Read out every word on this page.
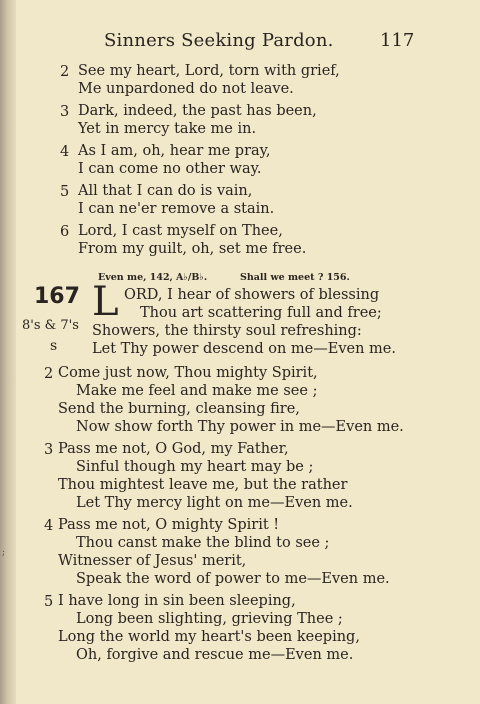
;
Sinners Seeking Pardon.	117
2 See my heart, Lord, torn with grief,
Me unpardoned do not leave.
3 Dark, indeed, the past has been,
Yet in mercy take me in.
4 As I am, oh, hear me pray,
I can come no other way.
5 All that I can do is vain,
I can ne'er remove a stain.
6 Lord, I cast myself on Thee,
From my guilt, oh, set me free.
Even me, 142, A♭/B♭.	Shall we meet ? 156.
167 L
8's & 7's
s
ORD, I hear of showers of blessing
Thou art scattering full and free;
Showers, the thirsty soul refreshing:
Let Thy power descend on me—Even me.
2 Come just now, Thou mighty Spirit,
Make me feel and make me see ;
Send the burning, cleansing fire,
Now show forth Thy power in me—Even me.
3 Pass me not, O God, my Father,
Sinful though my heart may be ;
Thou mightest leave me, but the rather
Let Thy mercy light on me—Even me.
4 Pass me not, O mighty Spirit !
Thou canst make the blind to see ;
Witnesser of Jesus' merit,
Speak the word of power to me—Even me.
5 I have long in sin been sleeping,
Long been slighting, grieving Thee ;
Long the world my heart's been keeping,
Oh, forgive and rescue me—Even me.
